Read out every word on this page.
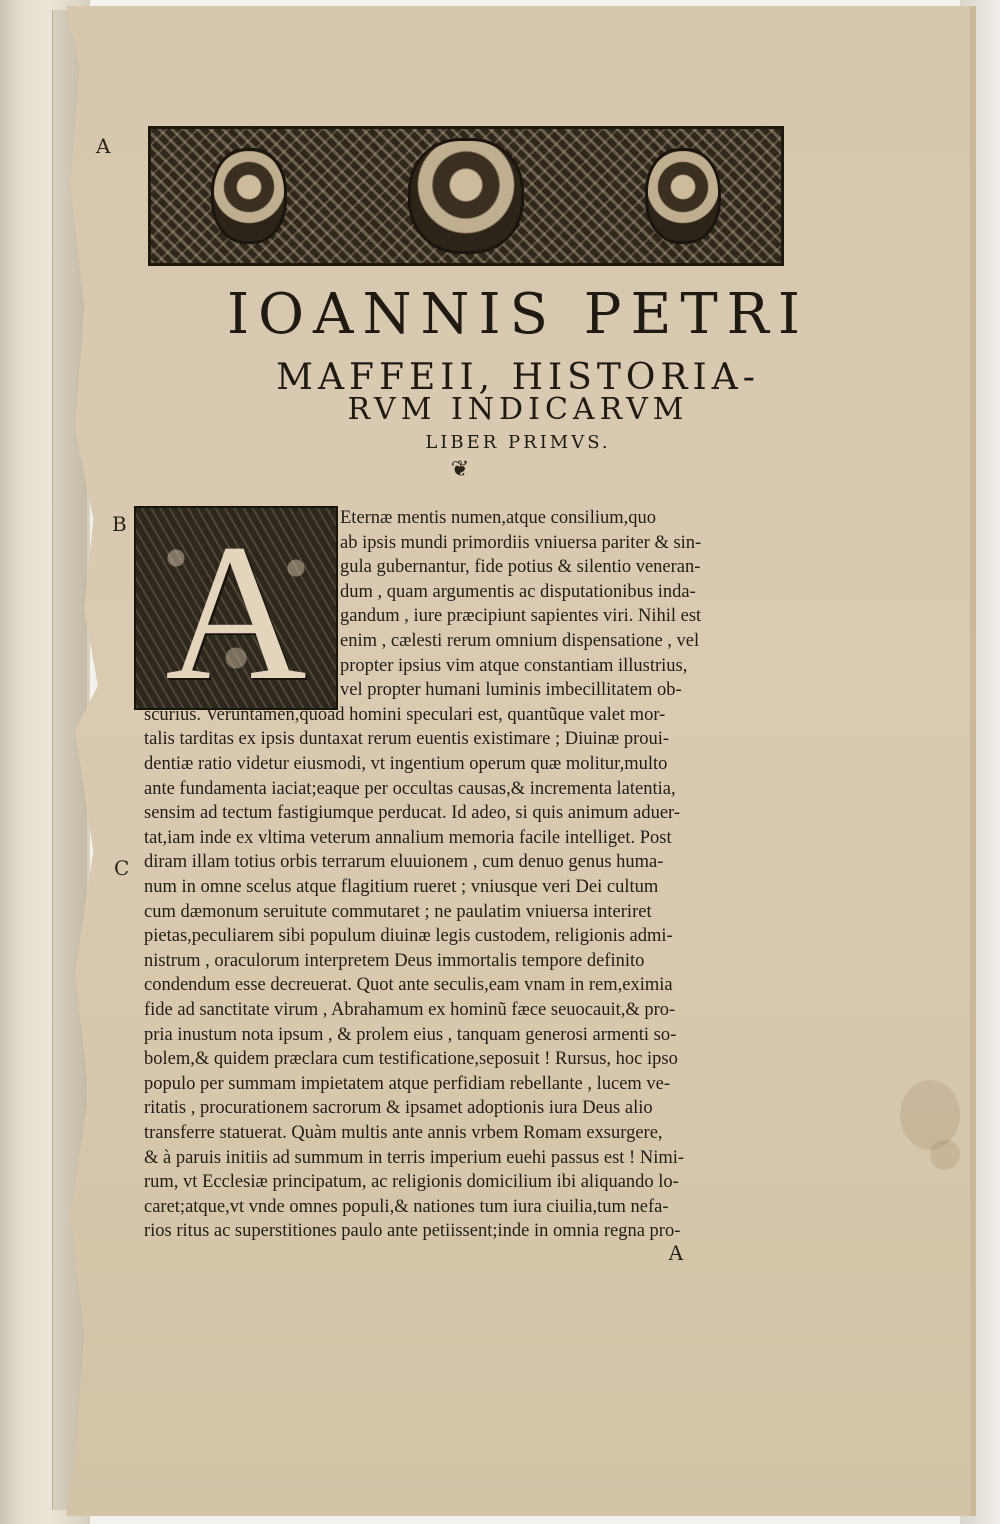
A
B
C
IOANNIS PETRI
MAFFEII, HISTORIA-
RVM INDICARVM
LIBER PRIMVS.
❦
A	Eternæ mentis numen,atque consilium,quo
ab ipsis mundi primordiis vniuersa pariter & sin-
gula gubernantur, fide potius & silentio veneran-
dum , quam argumentis ac disputationibus inda-
gandum , iure præcipiunt sapientes viri. Nihil est
enim , cælesti rerum omnium dispensatione , vel
propter ipsius vim atque constantiam illustrius,
vel propter humani luminis imbecillitatem ob-
scurius. Veruntamen,quoad homini speculari est, quantũque valet mor-
talis tarditas ex ipsis duntaxat rerum euentis existimare ; Diuinæ proui-
dentiæ ratio videtur eiusmodi, vt ingentium operum quæ molitur,multo
ante fundamenta iaciat;eaque per occultas causas,& incrementa latentia,
sensim ad tectum fastigiumque perducat. Id adeo, si quis animum aduer-
tat,iam inde ex vltima veterum annalium memoria facile intelliget. Post
diram illam totius orbis terrarum eluuionem , cum denuo genus huma-
num in omne scelus atque flagitium rueret ; vniusque veri Dei cultum
cum dæmonum seruitute commutaret ; ne paulatim vniuersa interiret
pietas,peculiarem sibi populum diuinæ legis custodem, religionis admi-
nistrum , oraculorum interpretem Deus immortalis tempore definito
condendum esse decreuerat. Quot ante seculis,eam vnam in rem,eximia
fide ad sanctitate virum , Abrahamum ex hominũ fæce seuocauit,& pro-
pria inustum nota ipsum , & prolem eius , tanquam generosi armenti so-
bolem,& quidem præclara cum testificatione,seposuit ! Rursus, hoc ipso
populo per summam impietatem atque perfidiam rebellante , lucem ve-
ritatis , procurationem sacrorum & ipsamet adoptionis iura Deus alio
transferre statuerat. Quàm multis ante annis vrbem Romam exsurgere,
& à paruis initiis ad summum in terris imperium euehi passus est ! Nimi-
rum, vt Ecclesiæ principatum, ac religionis domicilium ibi aliquando lo-
caret;atque,vt vnde omnes populi,& nationes tum iura ciuilia,tum nefa-
rios ritus ac superstitiones paulo ante petiissent;inde in omnia regna pro-
A
